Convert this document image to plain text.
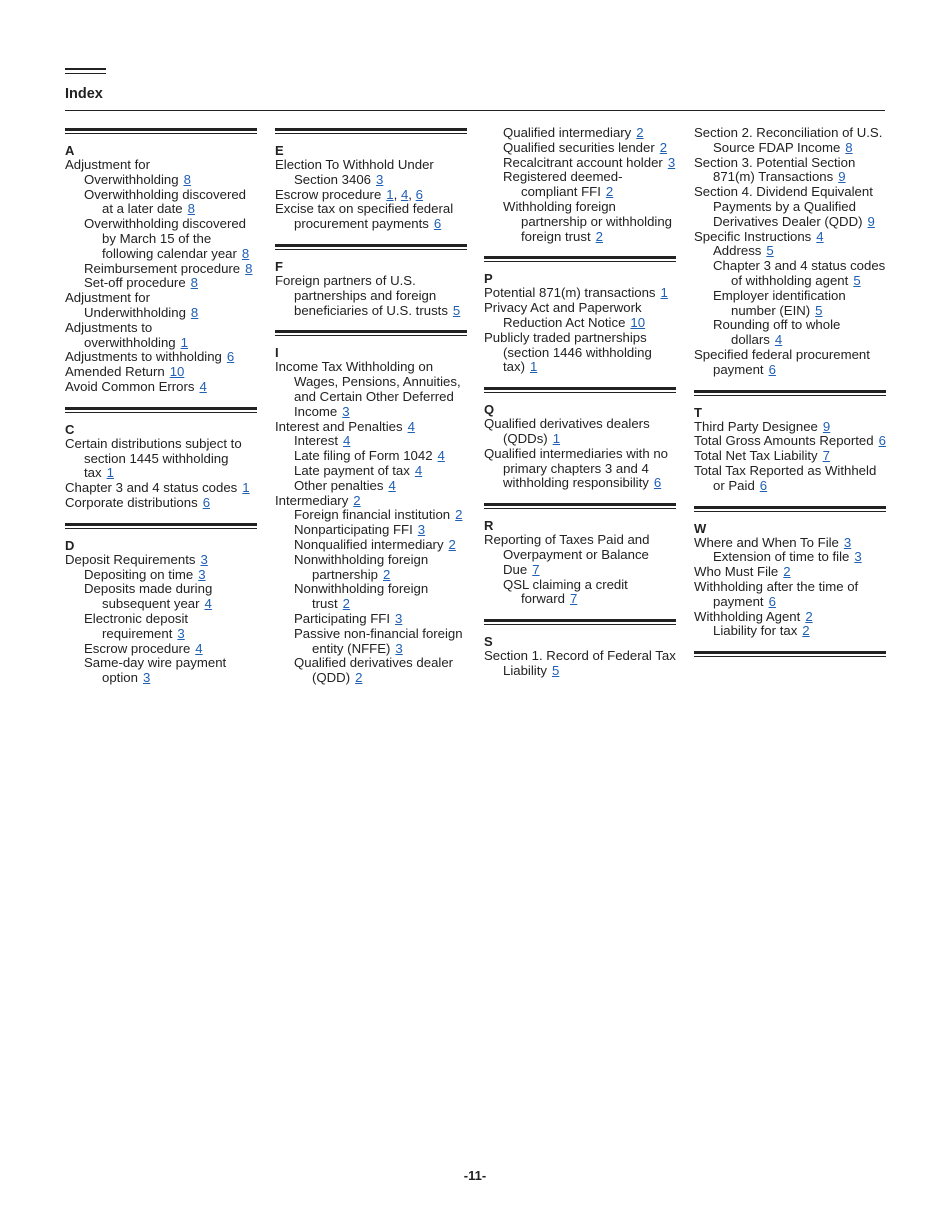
Index
A
Adjustment for
Overwithholding 8
Overwithholding discovered at a later date 8
Overwithholding discovered by March 15 of the following calendar year 8
Reimbursement procedure 8
Set-off procedure 8
Adjustment for Underwithholding 8
Adjustments to overwithholding 1
Adjustments to withholding 6
Amended Return 10
Avoid Common Errors 4
C
Certain distributions subject to section 1445 withholding tax 1
Chapter 3 and 4 status codes 1
Corporate distributions 6
D
Deposit Requirements 3
Depositing on time 3
Deposits made during subsequent year 4
Electronic deposit requirement 3
Escrow procedure 4
Same-day wire payment option 3
E
Election To Withhold Under Section 3406 3
Escrow procedure 1, 4, 6
Excise tax on specified federal procurement payments 6
F
Foreign partners of U.S. partnerships and foreign beneficiaries of U.S. trusts 5
I
Income Tax Withholding on Wages, Pensions, Annuities, and Certain Other Deferred Income 3
Interest and Penalties 4
Interest 4
Late filing of Form 1042 4
Late payment of tax 4
Other penalties 4
Intermediary 2
Foreign financial institution 2
Nonparticipating FFI 3
Nonqualified intermediary 2
Nonwithholding foreign partnership 2
Nonwithholding foreign trust 2
Participating FFI 3
Passive non-financial foreign entity (NFFE) 3
Qualified derivatives dealer (QDD) 2
Qualified intermediary 2
Qualified securities lender 2
Recalcitrant account holder 3
Registered deemed-compliant FFI 2
Withholding foreign partnership or withholding foreign trust 2
P
Potential 871(m) transactions 1
Privacy Act and Paperwork Reduction Act Notice 10
Publicly traded partnerships (section 1446 withholding tax) 1
Q
Qualified derivatives dealers (QDDs) 1
Qualified intermediaries with no primary chapters 3 and 4 withholding responsibility 6
R
Reporting of Taxes Paid and Overpayment or Balance Due 7
QSL claiming a credit forward 7
S
Section 1. Record of Federal Tax Liability 5
Section 2. Reconciliation of U.S. Source FDAP Income 8
Section 3. Potential Section 871(m) Transactions 9
Section 4. Dividend Equivalent Payments by a Qualified Derivatives Dealer (QDD) 9
Specific Instructions 4
Address 5
Chapter 3 and 4 status codes of withholding agent 5
Employer identification number (EIN) 5
Rounding off to whole dollars 4
Specified federal procurement payment 6
T
Third Party Designee 9
Total Gross Amounts Reported 6
Total Net Tax Liability 7
Total Tax Reported as Withheld or Paid 6
W
Where and When To File 3
Extension of time to file 3
Who Must File 2
Withholding after the time of payment 6
Withholding Agent 2
Liability for tax 2
-11-
